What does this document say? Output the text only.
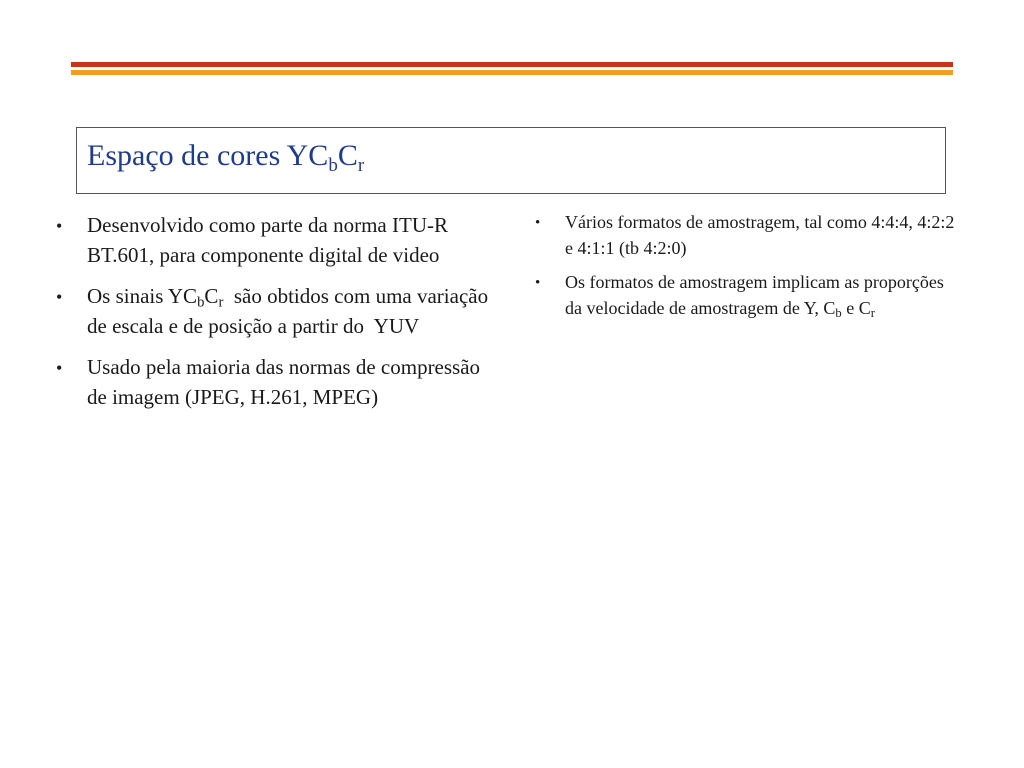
Espaço de cores $YC_bC_r$
• Desenvolvido como parte da norma ITU-R BT.601, para componente digital de video
• Os sinais $YC_bC_r$  são obtidos com uma variação de escala e de posição a partir do  YUV
• Usado pela maioria das normas de compressão de imagem (JPEG, H.261, MPEG)
• Vários formatos de amostragem, tal como 4:4:4, 4:2:2 e 4:1:1 (tb 4:2:0)
• Os formatos de amostragem implicam as proporções da velocidade de amostragem de Y, $C_b$ e $C_r$
